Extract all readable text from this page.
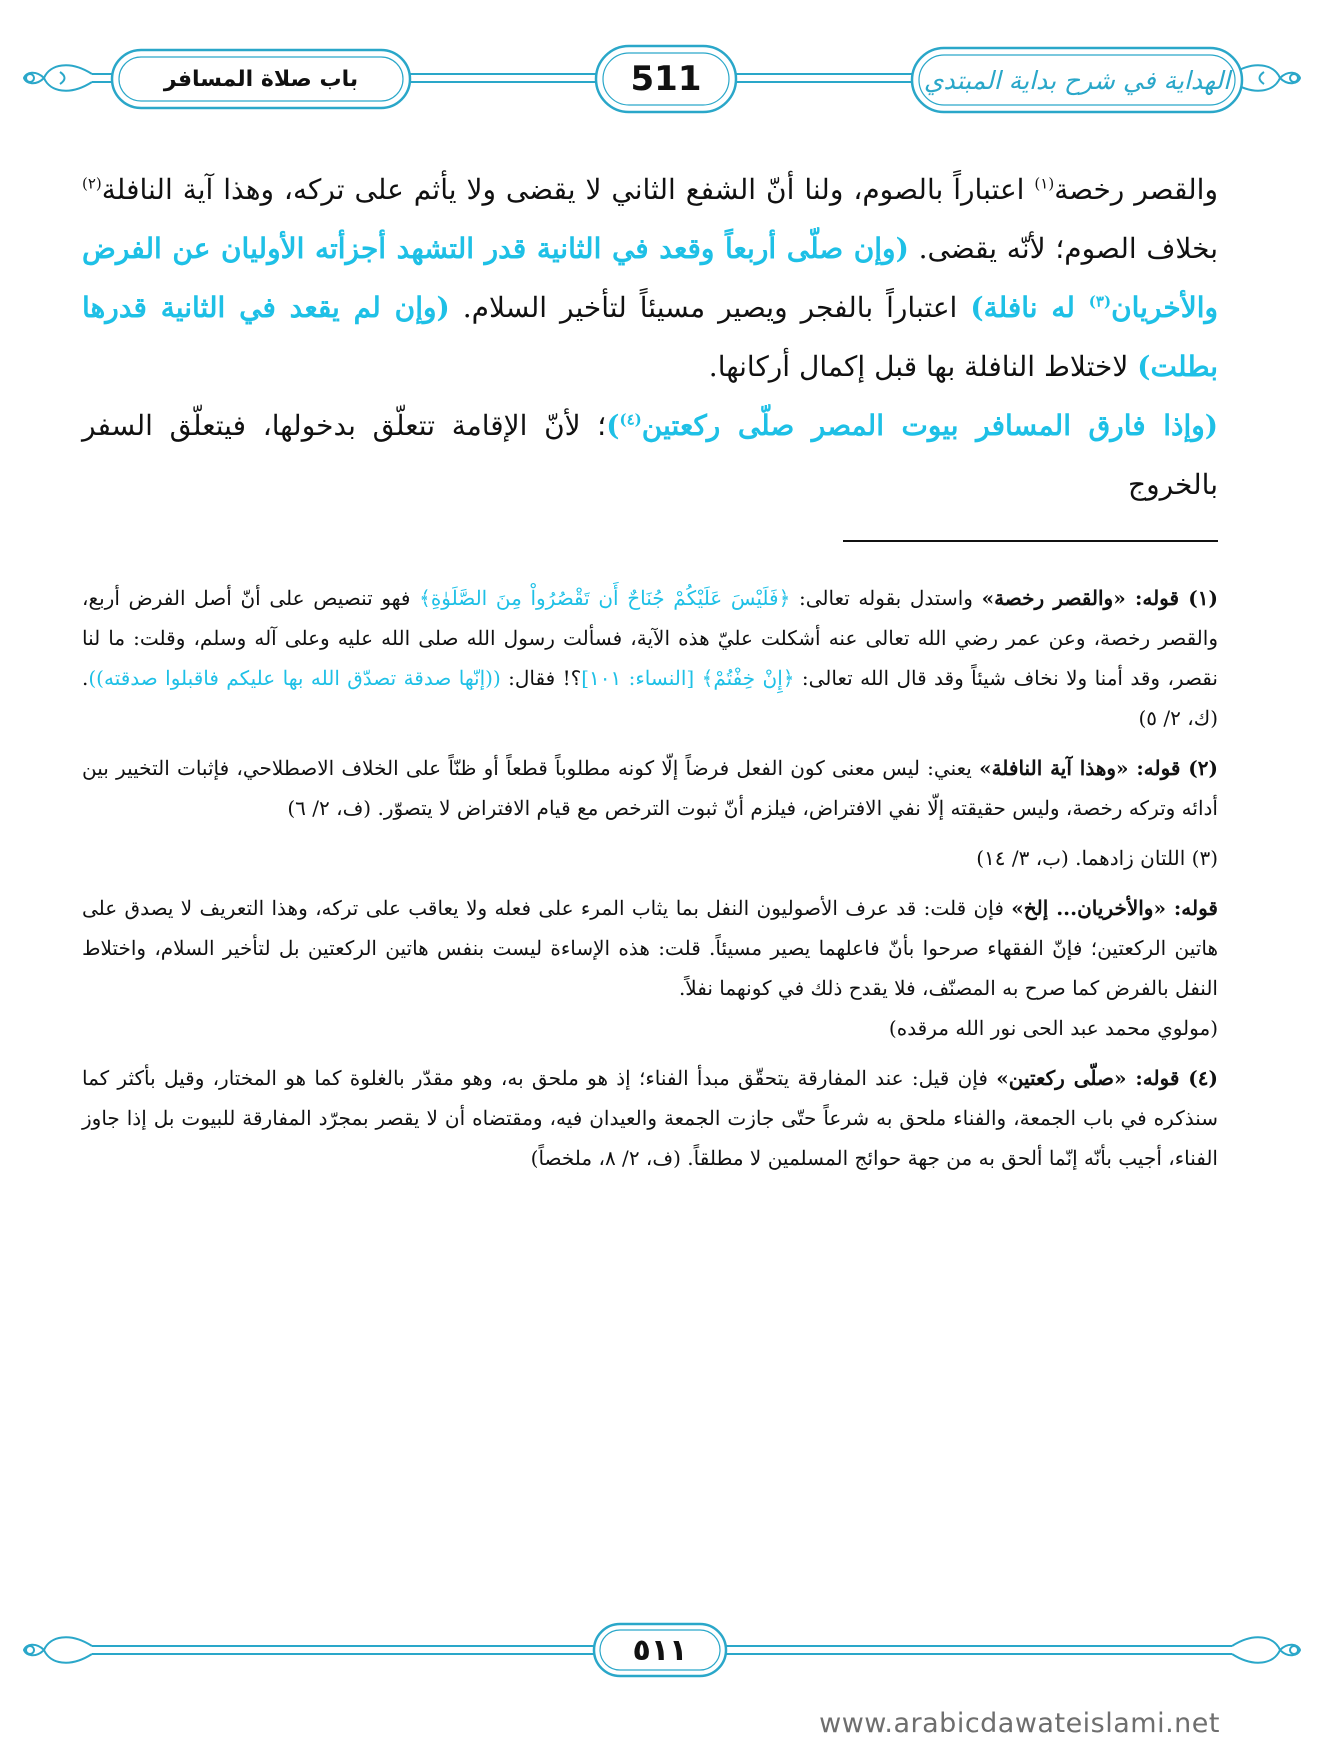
الهداية في شرح بداية المبتدي
511
باب صلاة المسافر

والقصر رخصة$^{(١)}$ اعتباراً بالصوم، ولنا أنّ الشفع الثاني لا يقضى ولا يأثم على تركه، وهذا آية النافلة$^{(٢)}$ بخلاف الصوم؛ لأنّه يقضى. (وإن صلّى أربعاً وقعد في الثانية قدر التشهد أجزأته الأوليان عن الفرض والأخريان$^{(٣)}$ له نافلة) اعتباراً بالفجر ويصير مسيئاً لتأخير السلام. (وإن لم يقعد في الثانية قدرها بطلت) لاختلاط النافلة بها قبل إكمال أركانها.

(وإذا فارق المسافر بيوت المصر صلّى ركعتين$^{(٤)}$)؛ لأنّ الإقامة تتعلّق بدخولها، فيتعلّق السفر بالخروج

(١) قوله: «والقصر رخصة» واستدل بقوله تعالى: ﴿فَلَيْسَ عَلَيْكُمْ جُنَاحٌ أَن تَقْصُرُواْ مِنَ الصَّلَوٰةِ﴾ فهو تنصيص على أنّ أصل الفرض أربع، والقصر رخصة، وعن عمر رضي الله تعالى عنه أشكلت عليّ هذه الآية، فسألت رسول الله صلى الله عليه وعلى آله وسلم، وقلت: ما لنا نقصر، وقد أمنا ولا نخاف شيئاً وقد قال الله تعالى: ﴿إِنْ خِفْتُمْ﴾ [النساء: ١٠١]؟! فقال: ((إنّها صدقة تصدّق الله بها عليكم فاقبلوا صدقته)). (ك، ٢/ ٥)

(٢) قوله: «وهذا آية النافلة» يعني: ليس معنى كون الفعل فرضاً إلّا كونه مطلوباً قطعاً أو ظنّاً على الخلاف الاصطلاحي، فإثبات التخيير بين أدائه وتركه رخصة، وليس حقيقته إلّا نفي الافتراض، فيلزم أنّ ثبوت الترخص مع قيام الافتراض لا يتصوّر. (ف، ٢/ ٦)

(٣) اللتان زادهما. (ب، ٣/ ١٤)

قوله: «والأخريان... إلخ» فإن قلت: قد عرف الأصوليون النفل بما يثاب المرء على فعله ولا يعاقب على تركه، وهذا التعريف لا يصدق على هاتين الركعتين؛ فإنّ الفقهاء صرحوا بأنّ فاعلهما يصير مسيئاً. قلت: هذه الإساءة ليست بنفس هاتين الركعتين بل لتأخير السلام، واختلاط النفل بالفرض كما صرح به المصنّف، فلا يقدح ذلك في كونهما نفلاً.
(مولوي محمد عبد الحى نور الله مرقده)

(٤) قوله: «صلّى ركعتين» فإن قيل: عند المفارقة يتحقّق مبدأ الفناء؛ إذ هو ملحق به، وهو مقدّر بالغلوة كما هو المختار، وقيل بأكثر كما سنذكره في باب الجمعة، والفناء ملحق به شرعاً حتّى جازت الجمعة والعيدان فيه، ومقتضاه أن لا يقصر بمجرّد المفارقة للبيوت بل إذا جاوز الفناء، أجيب بأنّه إنّما ألحق به من جهة حوائج المسلمين لا مطلقاً. (ف، ٢/ ٨، ملخصاً)

٥١١
www.arabicdawateislami.net
